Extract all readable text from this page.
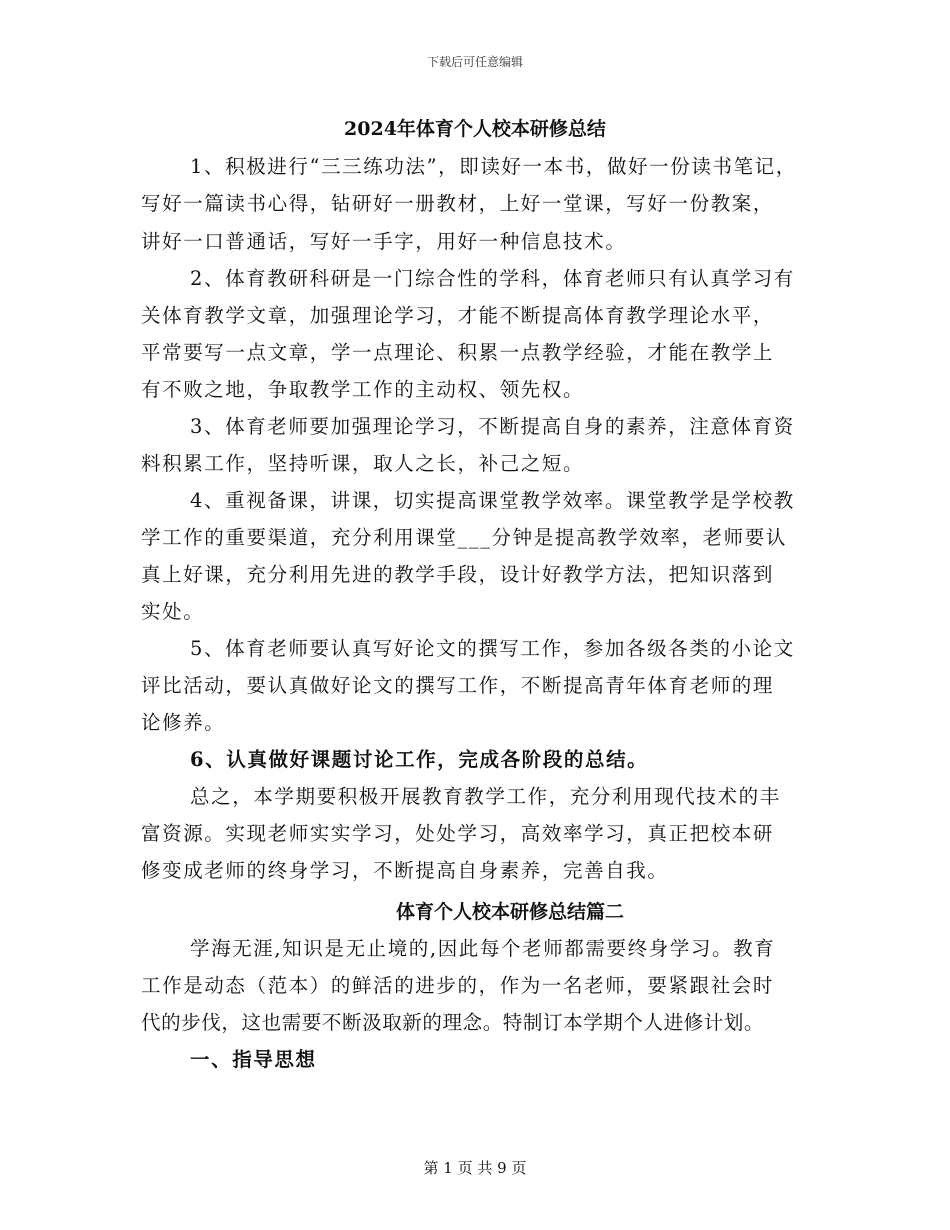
下载后可任意编辑
2024年体育个人校本研修总结
1、积极进行“三三练功法”，即读好一本书，做好一份读书笔记，
写好一篇读书心得，钻研好一册教材，上好一堂课，写好一份教案，
讲好一口普通话，写好一手字，用好一种信息技术。
2、体育教研科研是一门综合性的学科，体育老师只有认真学习有
关体育教学文章，加强理论学习，才能不断提高体育教学理论水平，
平常要写一点文章，学一点理论、积累一点教学经验，才能在教学上
有不败之地，争取教学工作的主动权、领先权。
3、体育老师要加强理论学习，不断提高自身的素养，注意体育资
料积累工作，坚持听课，取人之长，补己之短。
4、重视备课，讲课，切实提高课堂教学效率。课堂教学是学校教
学工作的重要渠道，充分利用课堂___分钟是提高教学效率，老师要认
真上好课，充分利用先进的教学手段，设计好教学方法，把知识落到
实处。
5、体育老师要认真写好论文的撰写工作，参加各级各类的小论文
评比活动，要认真做好论文的撰写工作，不断提高青年体育老师的理
论修养。
6、认真做好课题讨论工作，完成各阶段的总结。
总之，本学期要积极开展教育教学工作，充分利用现代技术的丰
富资源。实现老师实实学习，处处学习，高效率学习，真正把校本研
修变成老师的终身学习，不断提高自身素养，完善自我。
体育个人校本研修总结篇二
学海无涯,知识是无止境的,因此每个老师都需要终身学习。教育
工作是动态（范本）的鲜活的进步的，作为一名老师，要紧跟社会时
代的步伐，这也需要不断汲取新的理念。特制订本学期个人进修计划。
一、指导思想
第 1 页 共 9 页
